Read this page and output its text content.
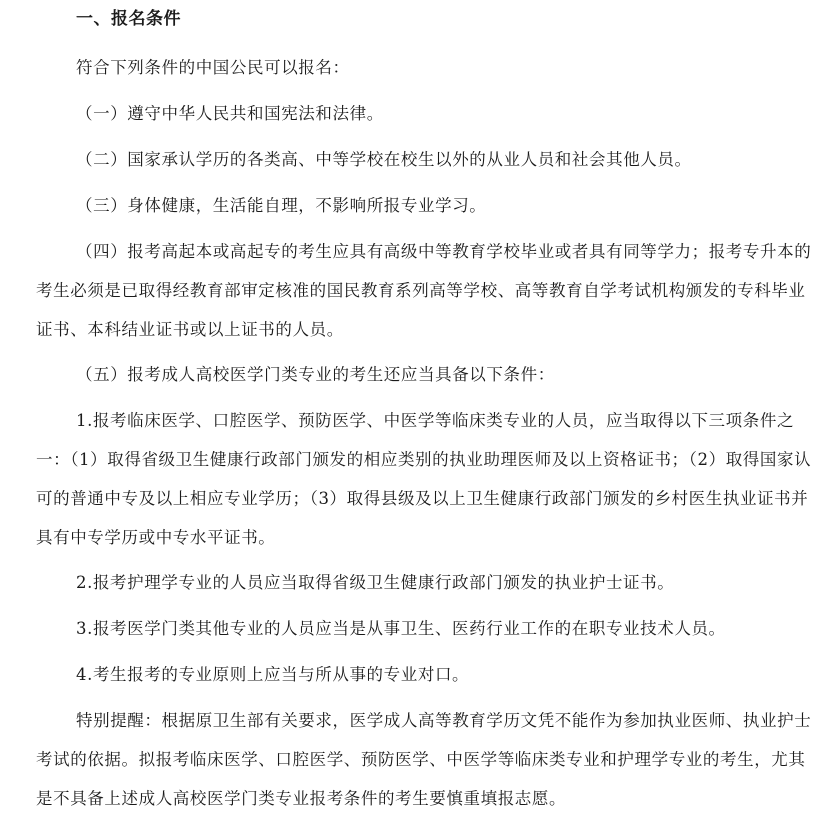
一、报名条件

符合下列条件的中国公民可以报名：

（一）遵守中华人民共和国宪法和法律。

（二）国家承认学历的各类高、中等学校在校生以外的从业人员和社会其他人员。

（三）身体健康，生活能自理，不影响所报专业学习。

（四）报考高起本或高起专的考生应具有高级中等教育学校毕业或者具有同等学力；报考专升本的考生必须是已取得经教育部审定核准的国民教育系列高等学校、高等教育自学考试机构颁发的专科毕业证书、本科结业证书或以上证书的人员。

（五）报考成人高校医学门类专业的考生还应当具备以下条件：

1.报考临床医学、口腔医学、预防医学、中医学等临床类专业的人员，应当取得以下三项条件之一：（1）取得省级卫生健康行政部门颁发的相应类别的执业助理医师及以上资格证书；（2）取得国家认可的普通中专及以上相应专业学历；（3）取得县级及以上卫生健康行政部门颁发的乡村医生执业证书并具有中专学历或中专水平证书。

2.报考护理学专业的人员应当取得省级卫生健康行政部门颁发的执业护士证书。

3.报考医学门类其他专业的人员应当是从事卫生、医药行业工作的在职专业技术人员。

4.考生报考的专业原则上应当与所从事的专业对口。

特别提醒：根据原卫生部有关要求，医学成人高等教育学历文凭不能作为参加执业医师、执业护士考试的依据。拟报考临床医学、口腔医学、预防医学、中医学等临床类专业和护理学专业的考生，尤其是不具备上述成人高校医学门类专业报考条件的考生要慎重填报志愿。
